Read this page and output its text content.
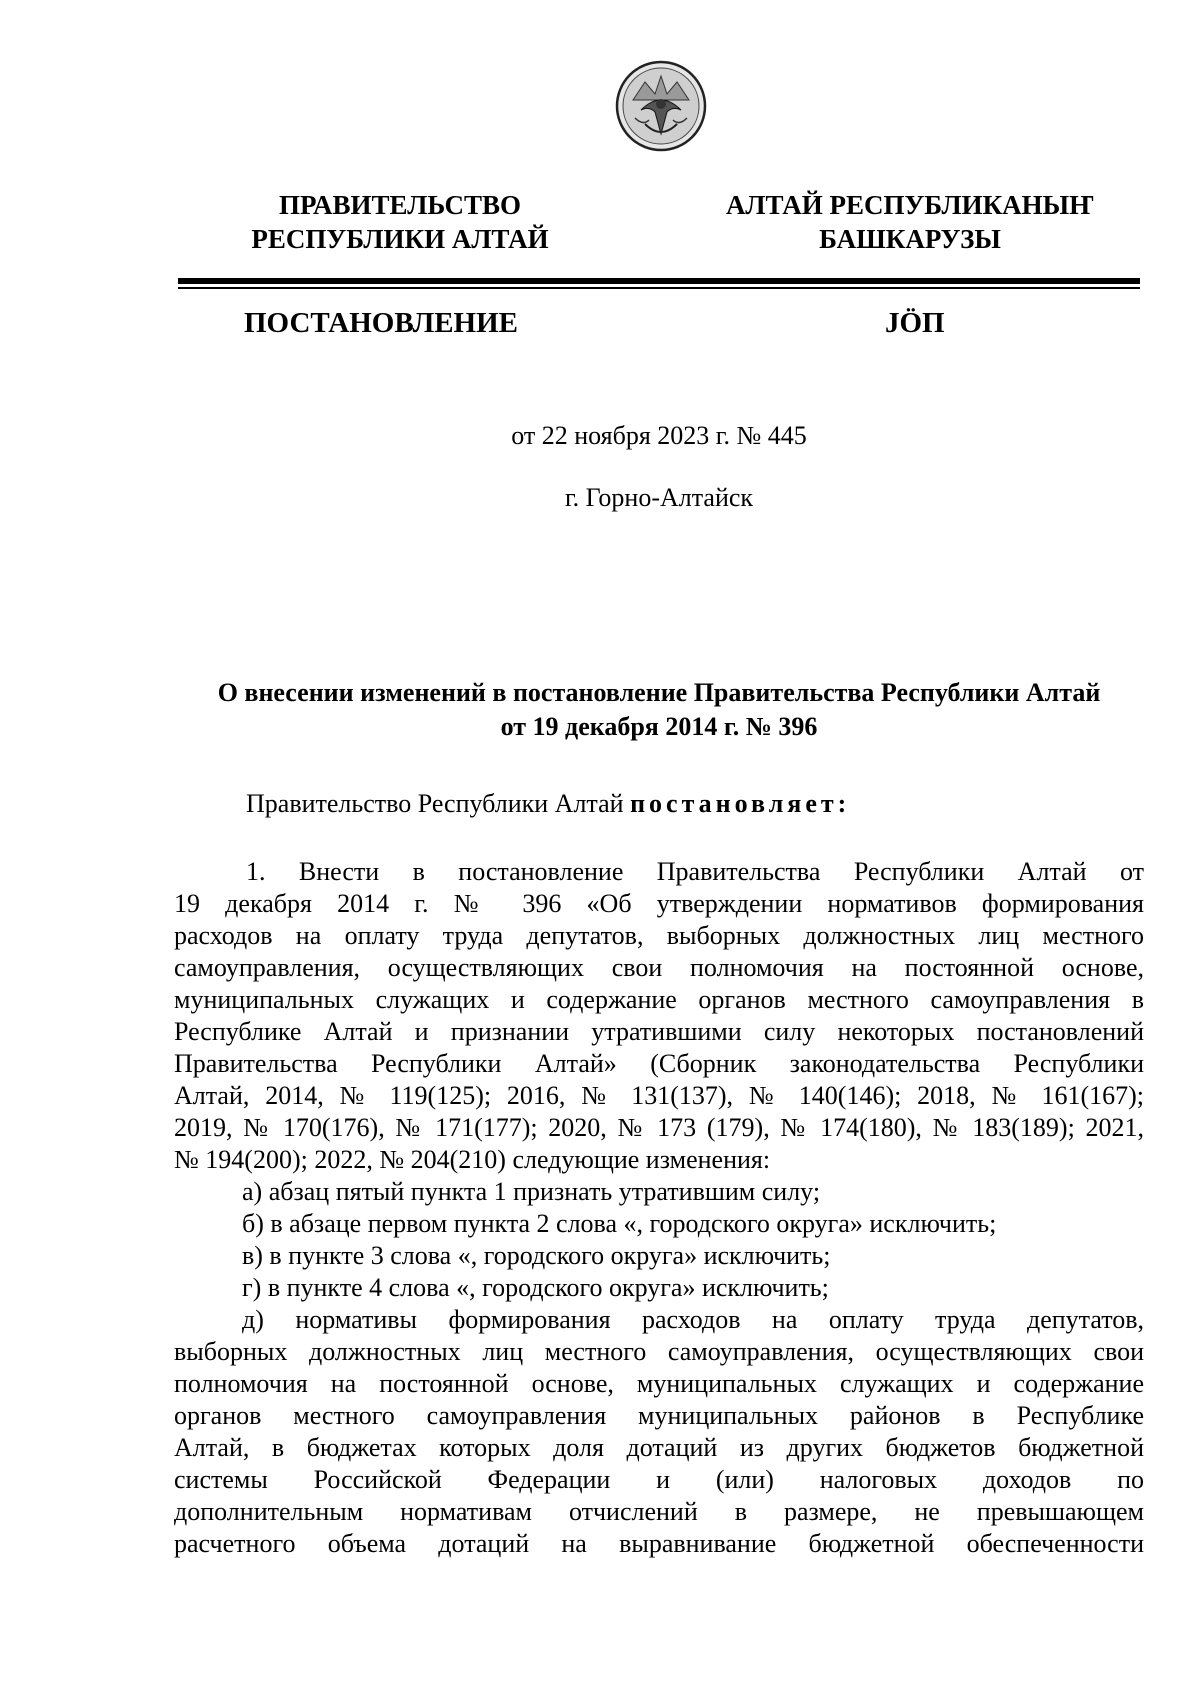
ПРАВИТЕЛЬСТВО
РЕСПУБЛИКИ АЛТАЙ
АЛТАЙ РЕСПУБЛИКАНЫҤ
БАШКАРУЗЫ
ПОСТАНОВЛЕНИЕ	JӦП
от 22 ноября 2023 г. № 445
г. Горно-Алтайск
О внесении изменений в постановление Правительства Республики Алтай
от 19 декабря 2014 г. № 396
Правительство Республики Алтай постановляет:
1. Внести в постановление Правительства Республики Алтай от
19 декабря 2014 г. № 396 «Об утверждении нормативов формирования
расходов на оплату труда депутатов, выборных должностных лиц местного
самоуправления, осуществляющих свои полномочия на постоянной основе,
муниципальных служащих и содержание органов местного самоуправления в
Республике Алтай и признании утратившими силу некоторых постановлений
Правительства Республики Алтай» (Сборник законодательства Республики
Алтай, 2014, № 119(125); 2016, № 131(137), № 140(146); 2018, № 161(167);
2019, № 170(176), № 171(177); 2020, № 173 (179), № 174(180), № 183(189); 2021,
№ 194(200); 2022, № 204(210) следующие изменения:
а) абзац пятый пункта 1 признать утратившим силу;
б) в абзаце первом пункта 2 слова «, городского округа» исключить;
в) в пункте 3 слова «, городского округа» исключить;
г) в пункте 4 слова «, городского округа» исключить;
д) нормативы формирования расходов на оплату труда депутатов,
выборных должностных лиц местного самоуправления, осуществляющих свои
полномочия на постоянной основе, муниципальных служащих и содержание
органов местного самоуправления муниципальных районов в Республике
Алтай, в бюджетах которых доля дотаций из других бюджетов бюджетной
системы Российской Федерации и (или) налоговых доходов по
дополнительным нормативам отчислений в размере, не превышающем
расчетного объема дотаций на выравнивание бюджетной обеспеченности
